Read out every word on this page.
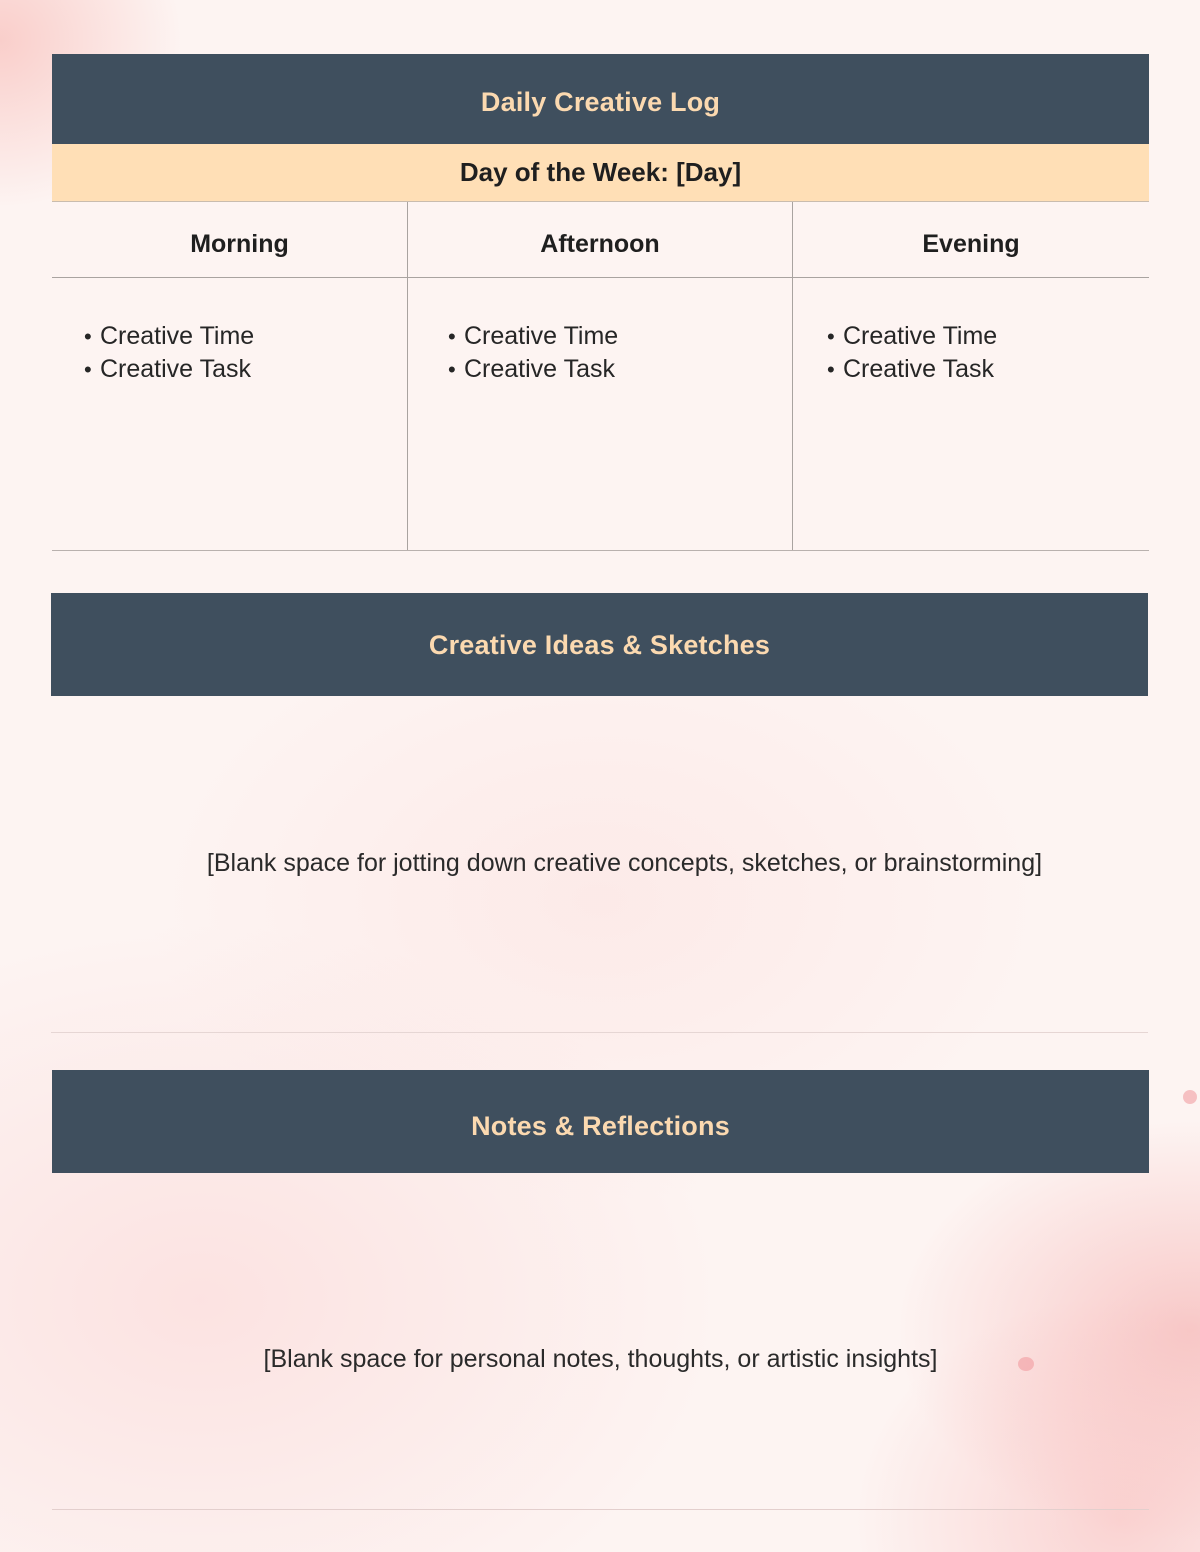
Daily Creative Log
Day of the Week: [Day]
Morning
• Creative Time
• Creative Task
Afternoon
• Creative Time
• Creative Task
Evening
• Creative Time
• Creative Task
Creative Ideas & Sketches

[Blank space for jotting down creative concepts, sketches, or brainstorming]

Notes & Reflections

[Blank space for personal notes, thoughts, or artistic insights]
